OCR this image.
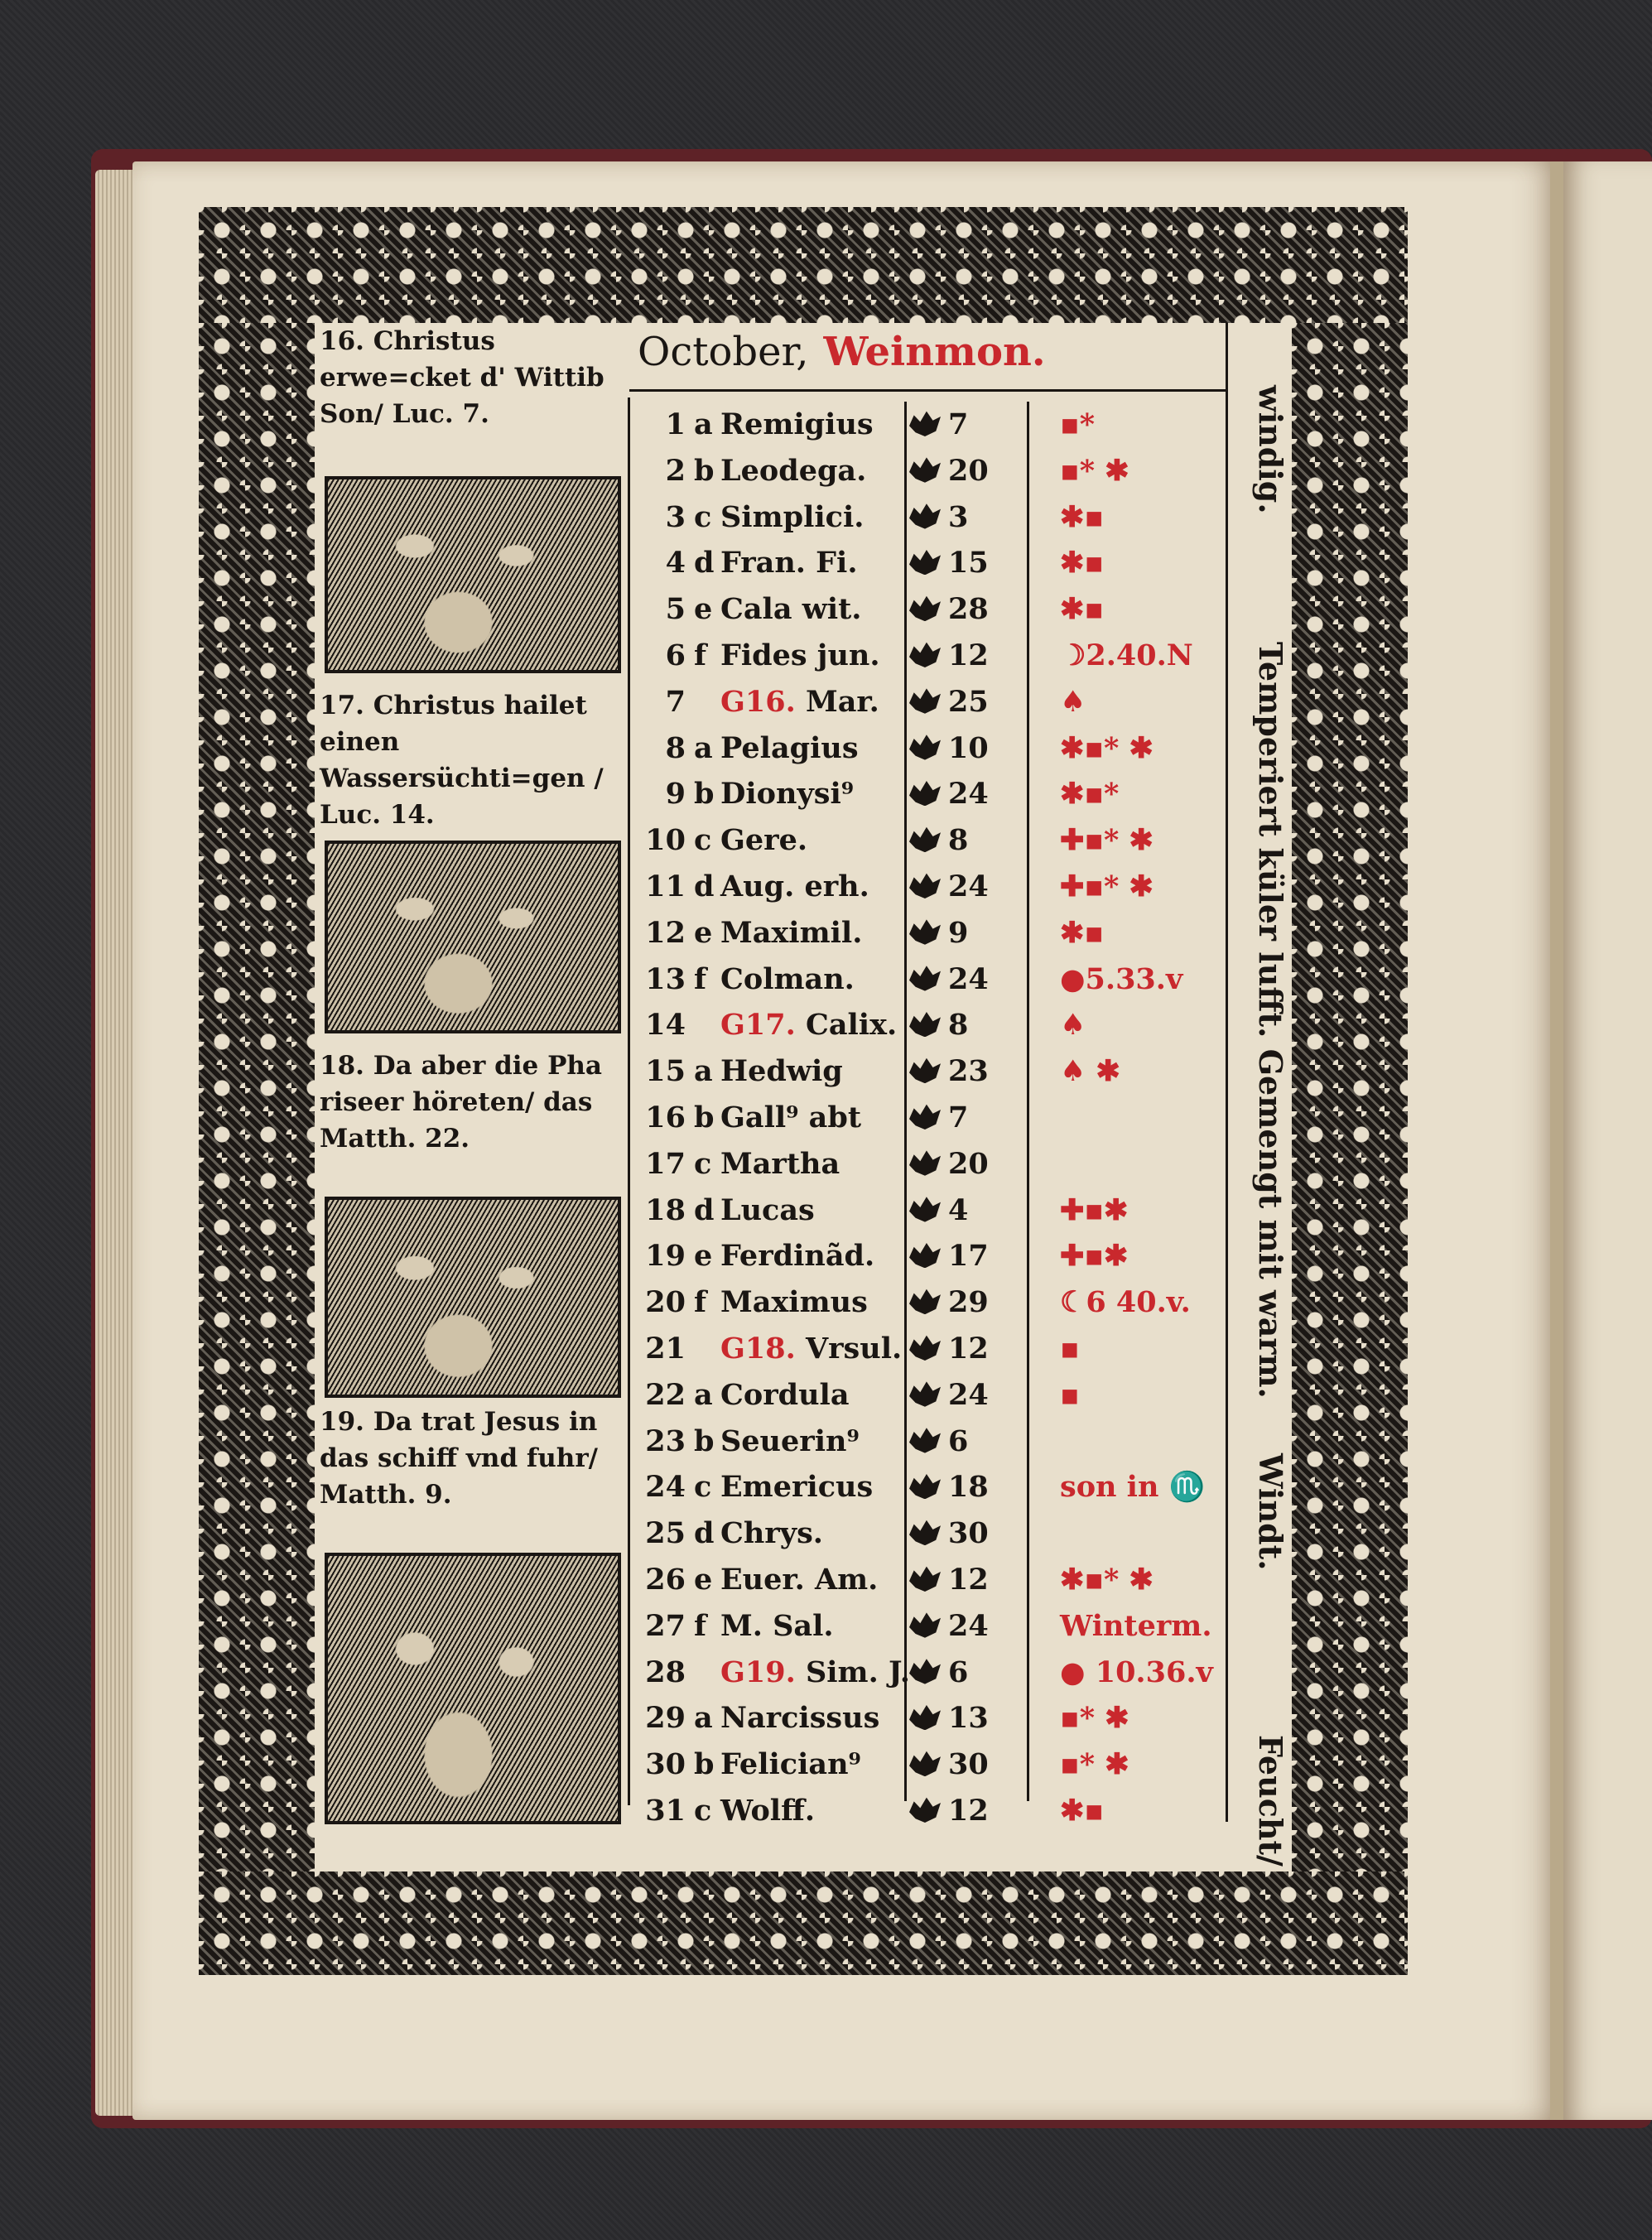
16. Christus erwe=cket d' Wittib Son/ Luc. 7.
17. Christus hailet einen Wassersüchti=gen / Luc. 14.
18. Da aber die Pha riseer höreten/ das Matth. 22.
19. Da trat Jesus in das schiff vnd fuhr/ Matth. 9.
October, Weinmon.
1 a Remigius	7	▪*
2 b Leodega.	20 ▪* ✱
3 c Simplici.	3	✱▪
4 d Fran. Fi.	15 ✱▪
5 e Cala wit.	28 ✱▪
6 f Fides jun. 12 ☽2.40.N
7 G16. Mar. 25 ♠
8 a Pelagius	10 ✱▪* ✱
9 b Dionysi⁹	24 ✱▪*
10 c Gere.	8	✚▪* ✱
11 d Aug. erh.	24 ✚▪* ✱
12 e Maximil.	9	✱▪
13 f Colman.	24 ●5.33.v
14 G17. Calix. 8	♠
15 a Hedwig	23 ♠ ✱
16 b Gall⁹ abt	7
17 c Martha	20
18 d Lucas	4	✚▪✱
19 e Ferdinãd.	17 ✚▪✱
20 f Maximus	29 ☾6 40.v.
21 G18. Vrsul. 12 ▪
22 a Cordula	24 ▪
23 b Seuerin⁹	6
24 c Emericus	18 son in ♏
25 d Chrys.	30
26 e Euer. Am. 12 ✱▪* ✱
27 f M. Sal.	24 Winterm.
28 G19. Sim. J. 6	● 10.36.v
29 a Narcissus 13 ▪* ✱
30 b Felician⁹	30 ▪* ✱
31 c Wolff.	12 ✱▪
windig.
Temperiert küler lufft. Gemengt mit warm.
Windt.
Feucht/
